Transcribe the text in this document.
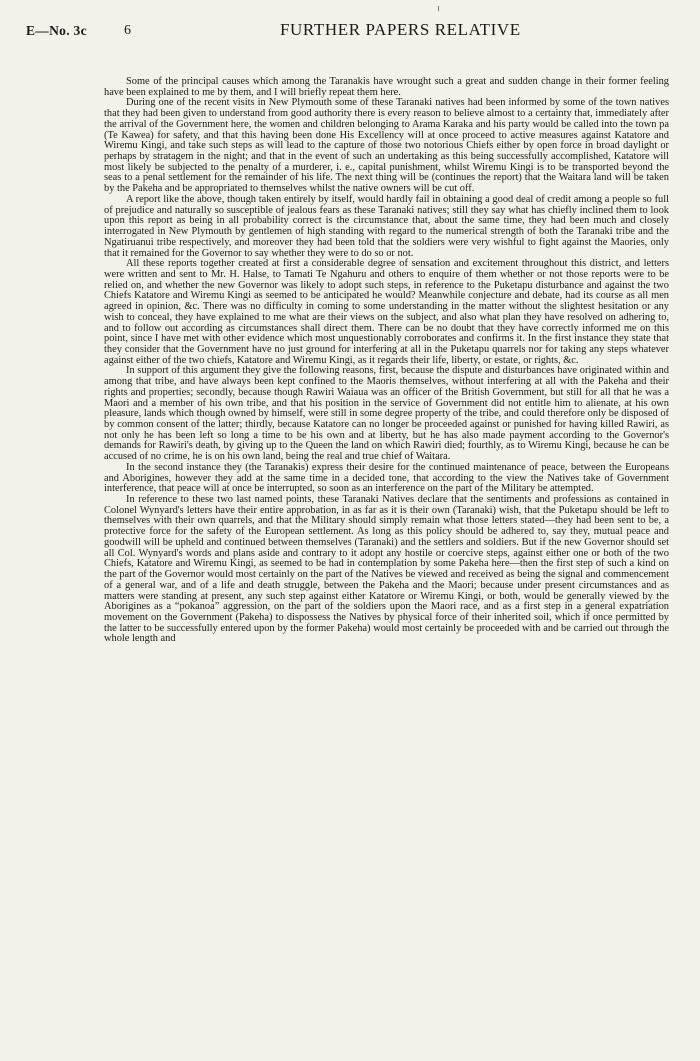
E—No. 3c	6	FURTHER PAPERS RELATIVE

Some of the principal causes which among the Taranakis have wrought such a great and sudden change in their former feeling have been explained to me by them, and I will briefly repeat them here.

During one of the recent visits in New Plymouth some of these Taranaki natives had been informed by some of the town natives that they had been given to understand from good authority there is every reason to believe almost to a certainty that, immediately after the arrival of the Government here, the women and children belonging to Arama Karaka and his party would be called into the town pa (Te Kawea) for safety, and that this having been done His Excellency will at once proceed to active measures against Katatore and Wiremu Kingi, and take such steps as will lead to the capture of those two notorious Chiefs either by open force in broad daylight or perhaps by stratagem in the night; and that in the event of such an undertaking as this being successfully accomplished, Katatore will most likely be subjected to the penalty of a murderer, i. e., capital punishment, whilst Wiremu Kingi is to be transported beyond the seas to a penal settlement for the remainder of his life. The next thing will be (continues the report) that the Waitara land will be taken by the Pakeha and be appropriated to themselves whilst the native owners will be cut off.

A report like the above, though taken entirely by itself, would hardly fail in obtaining a good deal of credit among a people so full of prejudice and naturally so susceptible of jealous fears as these Taranaki natives; still they say what has chiefly inclined them to look upon this report as being in all probability correct is the circumstance that, about the same time, they had been much and closely interrogated in New Plymouth by gentlemen of high standing with regard to the numerical strength of both the Taranaki tribe and the Ngatiruanui tribe respectively, and moreover they had been told that the soldiers were very wishful to fight against the Maories, only that it remained for the Governor to say whether they were to do so or not.

All these reports together created at first a considerable degree of sensation and excitement throughout this district, and letters were written and sent to Mr. H. Halse, to Tamati Te Ngahuru and others to enquire of them whether or not those reports were to be relied on, and whether the new Governor was likely to adopt such steps, in reference to the Puketapu disturbance and against the two Chiefs Katatore and Wiremu Kingi as seemed to be anticipated he would? Meanwhile conjecture and debate, had its course as all men agreed in opinion, &c. There was no difficulty in coming to some understanding in the matter without the slightest hesitation or any wish to conceal, they have explained to me what are their views on the subject, and also what plan they have resolved on adhering to, and to follow out according as circumstances shall direct them. There can be no doubt that they have correctly informed me on this point, since I have met with other evidence which most unquestionably corroborates and confirms it. In the first instance they state that they consider that the Government have no just ground for interfering at all in the Puketapu quarrels nor for taking any steps whatever against either of the two chiefs, Katatore and Wiremu Kingi, as it regards their life, liberty, or estate, or rights, &c.

In support of this argument they give the following reasons, first, because the dispute and disturbances have originated within and among that tribe, and have always been kept confined to the Maoris themselves, without interfering at all with the Pakeha and their rights and properties; secondly, because though Rawiri Waiaua was an officer of the British Government, but still for all that he was a Maori and a member of his own tribe, and that his position in the service of Government did not entitle him to alienate, at his own pleasure, lands which though owned by himself, were still in some degree property of the tribe, and could therefore only be disposed of by common consent of the latter; thirdly, because Katatore can no longer be proceeded against or punished for having killed Rawiri, as not only he has been left so long a time to be his own and at liberty, but he has also made payment according to the Governor's demands for Rawiri's death, by giving up to the Queen the land on which Rawiri died; fourthly, as to Wiremu Kingi, because he can be accused of no crime, he is on his own land, being the real and true chief of Waitara.

In the second instance they (the Taranakis) express their desire for the continued maintenance of peace, between the Europeans and Aborigines, however they add at the same time in a decided tone, that according to the view the Natives take of Government interference, that peace will at once be interrupted, so soon as an interference on the part of the Military be attempted.

In reference to these two last named points, these Taranaki Natives declare that the sentiments and professions as contained in Colonel Wynyard's letters have their entire approbation, in as far as it is their own (Taranaki) wish, that the Puketapu should be left to themselves with their own quarrels, and that the Military should simply remain what those letters stated—they had been sent to be, a protective force for the safety of the European settlement. As long as this policy should be adhered to, say they, mutual peace and goodwill will be upheld and continued between themselves (Taranaki) and the settlers and soldiers. But if the new Governor should set all Col. Wynyard's words and plans aside and contrary to it adopt any hostile or coercive steps, against either one or both of the two Chiefs, Katatore and Wiremu Kingi, as seemed to be had in contemplation by some Pakeha here—then the first step of such a kind on the part of the Governor would most certainly on the part of the Natives be viewed and received as being the signal and commencement of a general war, and of a life and death struggle, between the Pakeha and the Maori; because under present circumstances and as matters were standing at present, any such step against either Katatore or Wiremu Kingi, or both, would be generally viewed by the Aborigines as a “pokanoa” aggression, on the part of the soldiers upon the Maori race, and as a first step in a general expatriation movement on the Government (Pakeha) to dispossess the Natives by physical force of their inherited soil, which if once permitted by the latter to be successfully entered upon by the former Pakeha) would most certainly be proceeded with and be carried out through the whole length and
